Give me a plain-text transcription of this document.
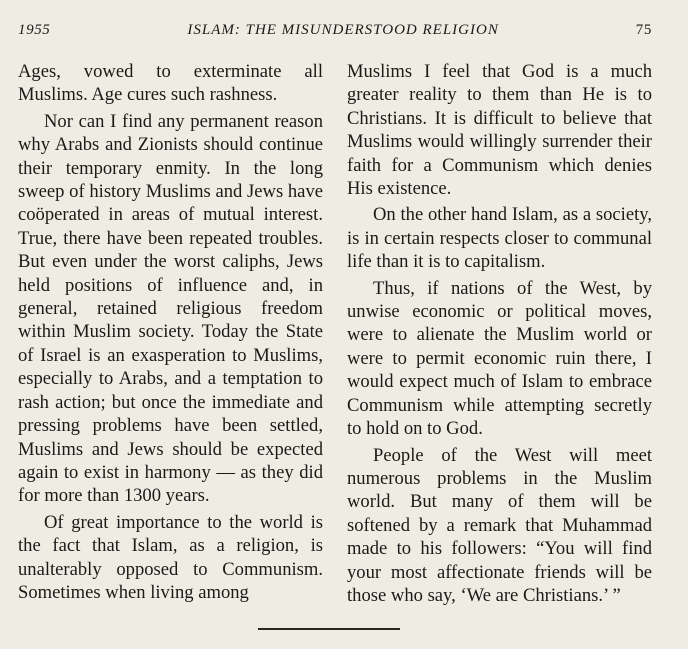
1955	ISLAM: THE MISUNDERSTOOD RELIGION	75

Ages, vowed to exterminate all Muslims. Age cures such rashness.

Nor can I find any permanent reason why Arabs and Zionists should continue their temporary enmity. In the long sweep of history Muslims and Jews have coöperated in areas of mutual interest. True, there have been repeated troubles. But even under the worst caliphs, Jews held positions of influence and, in general, retained religious freedom within Muslim society. Today the State of Israel is an exasperation to Muslims, especially to Arabs, and a temptation to rash action; but once the immediate and pressing problems have been settled, Muslims and Jews should be expected again to exist in harmony — as they did for more than 1300 years.

Of great importance to the world is the fact that Islam, as a religion, is unalterably opposed to Communism. Sometimes when living among

Muslims I feel that God is a much greater reality to them than He is to Christians. It is difficult to believe that Muslims would willingly surrender their faith for a Communism which denies His existence.

On the other hand Islam, as a society, is in certain respects closer to communal life than it is to capitalism.

Thus, if nations of the West, by unwise economic or political moves, were to alienate the Muslim world or were to permit economic ruin there, I would expect much of Islam to embrace Communism while attempting secretly to hold on to God.

People of the West will meet numerous problems in the Muslim world. But many of them will be softened by a remark that Muhammad made to his followers: “You will find your most affectionate friends will be those who say, ‘We are Christians.’ ”
